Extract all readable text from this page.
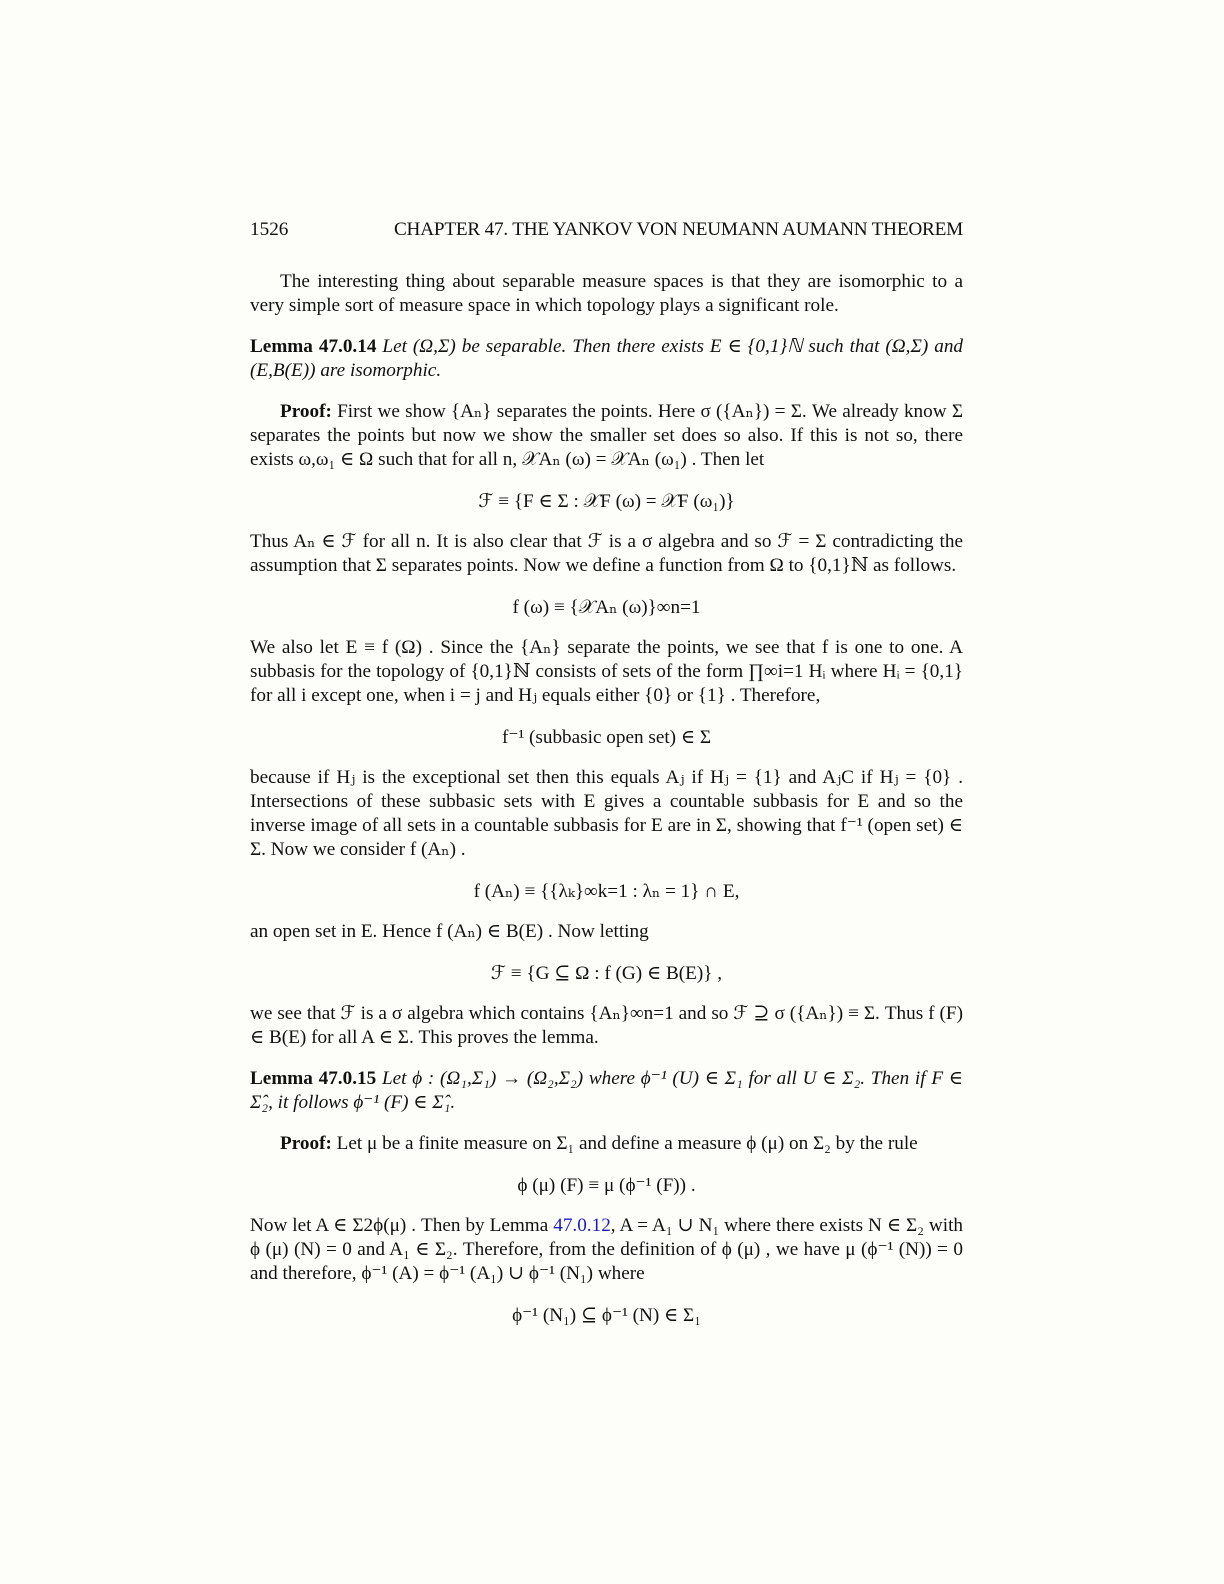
1526	CHAPTER 47. THE YANKOV VON NEUMANN AUMANN THEOREM

The interesting thing about separable measure spaces is that they are isomorphic to a very simple sort of measure space in which topology plays a significant role.

Lemma 47.0.14 Let (Ω,Σ) be separable. Then there exists E ∈ {0,1}ℕ such that (Ω,Σ) and (E,B(E)) are isomorphic.

Proof: First we show {Aₙ} separates the points. Here σ ({Aₙ}) = Σ. We already know Σ separates the points but now we show the smaller set does so also. If this is not so, there exists ω,ω₁ ∈ Ω such that for all n, 𝒳Aₙ (ω) = 𝒳Aₙ (ω₁) . Then let

ℱ ≡ {F ∈ Σ : 𝒳F (ω) = 𝒳F (ω₁)}

Thus Aₙ ∈ ℱ for all n. It is also clear that ℱ is a σ algebra and so ℱ = Σ contradicting the assumption that Σ separates points. Now we define a function from Ω to {0,1}ℕ as follows.

f (ω) ≡ {𝒳Aₙ (ω)}∞n=1

We also let E ≡ f (Ω) . Since the {Aₙ} separate the points, we see that f is one to one. A subbasis for the topology of {0,1}ℕ consists of sets of the form ∏∞i=1 Hᵢ where Hᵢ = {0,1} for all i except one, when i = j and Hⱼ equals either {0} or {1} . Therefore,

f⁻¹ (subbasic open set) ∈ Σ

because if Hⱼ is the exceptional set then this equals Aⱼ if Hⱼ = {1} and AⱼC if Hⱼ = {0} . Intersections of these subbasic sets with E gives a countable subbasis for E and so the inverse image of all sets in a countable subbasis for E are in Σ, showing that f⁻¹ (open set) ∈ Σ. Now we consider f (Aₙ) .

f (Aₙ) ≡ {{λₖ}∞k=1 : λₙ = 1} ∩ E,

an open set in E. Hence f (Aₙ) ∈ B(E) . Now letting

ℱ ≡ {G ⊆ Ω : f (G) ∈ B(E)} ,

we see that ℱ is a σ algebra which contains {Aₙ}∞n=1 and so ℱ ⊇ σ ({Aₙ}) ≡ Σ. Thus f (F) ∈ B(E) for all A ∈ Σ. This proves the lemma.

Lemma 47.0.15 Let ϕ : (Ω₁,Σ₁) → (Ω₂,Σ₂) where ϕ⁻¹ (U) ∈ Σ₁ for all U ∈ Σ₂. Then if F ∈ Σ̂₂, it follows ϕ⁻¹ (F) ∈ Σ̂₁.

Proof: Let μ be a finite measure on Σ₁ and define a measure ϕ (μ) on Σ₂ by the rule

ϕ (μ) (F) ≡ μ (ϕ⁻¹ (F)) .

Now let A ∈ Σ2ϕ(μ) . Then by Lemma 47.0.12, A = A₁ ∪ N₁ where there exists N ∈ Σ₂ with ϕ (μ) (N) = 0 and A₁ ∈ Σ₂. Therefore, from the definition of ϕ (μ) , we have μ (ϕ⁻¹ (N)) = 0 and therefore, ϕ⁻¹ (A) = ϕ⁻¹ (A₁) ∪ ϕ⁻¹ (N₁) where

ϕ⁻¹ (N₁) ⊆ ϕ⁻¹ (N) ∈ Σ₁
